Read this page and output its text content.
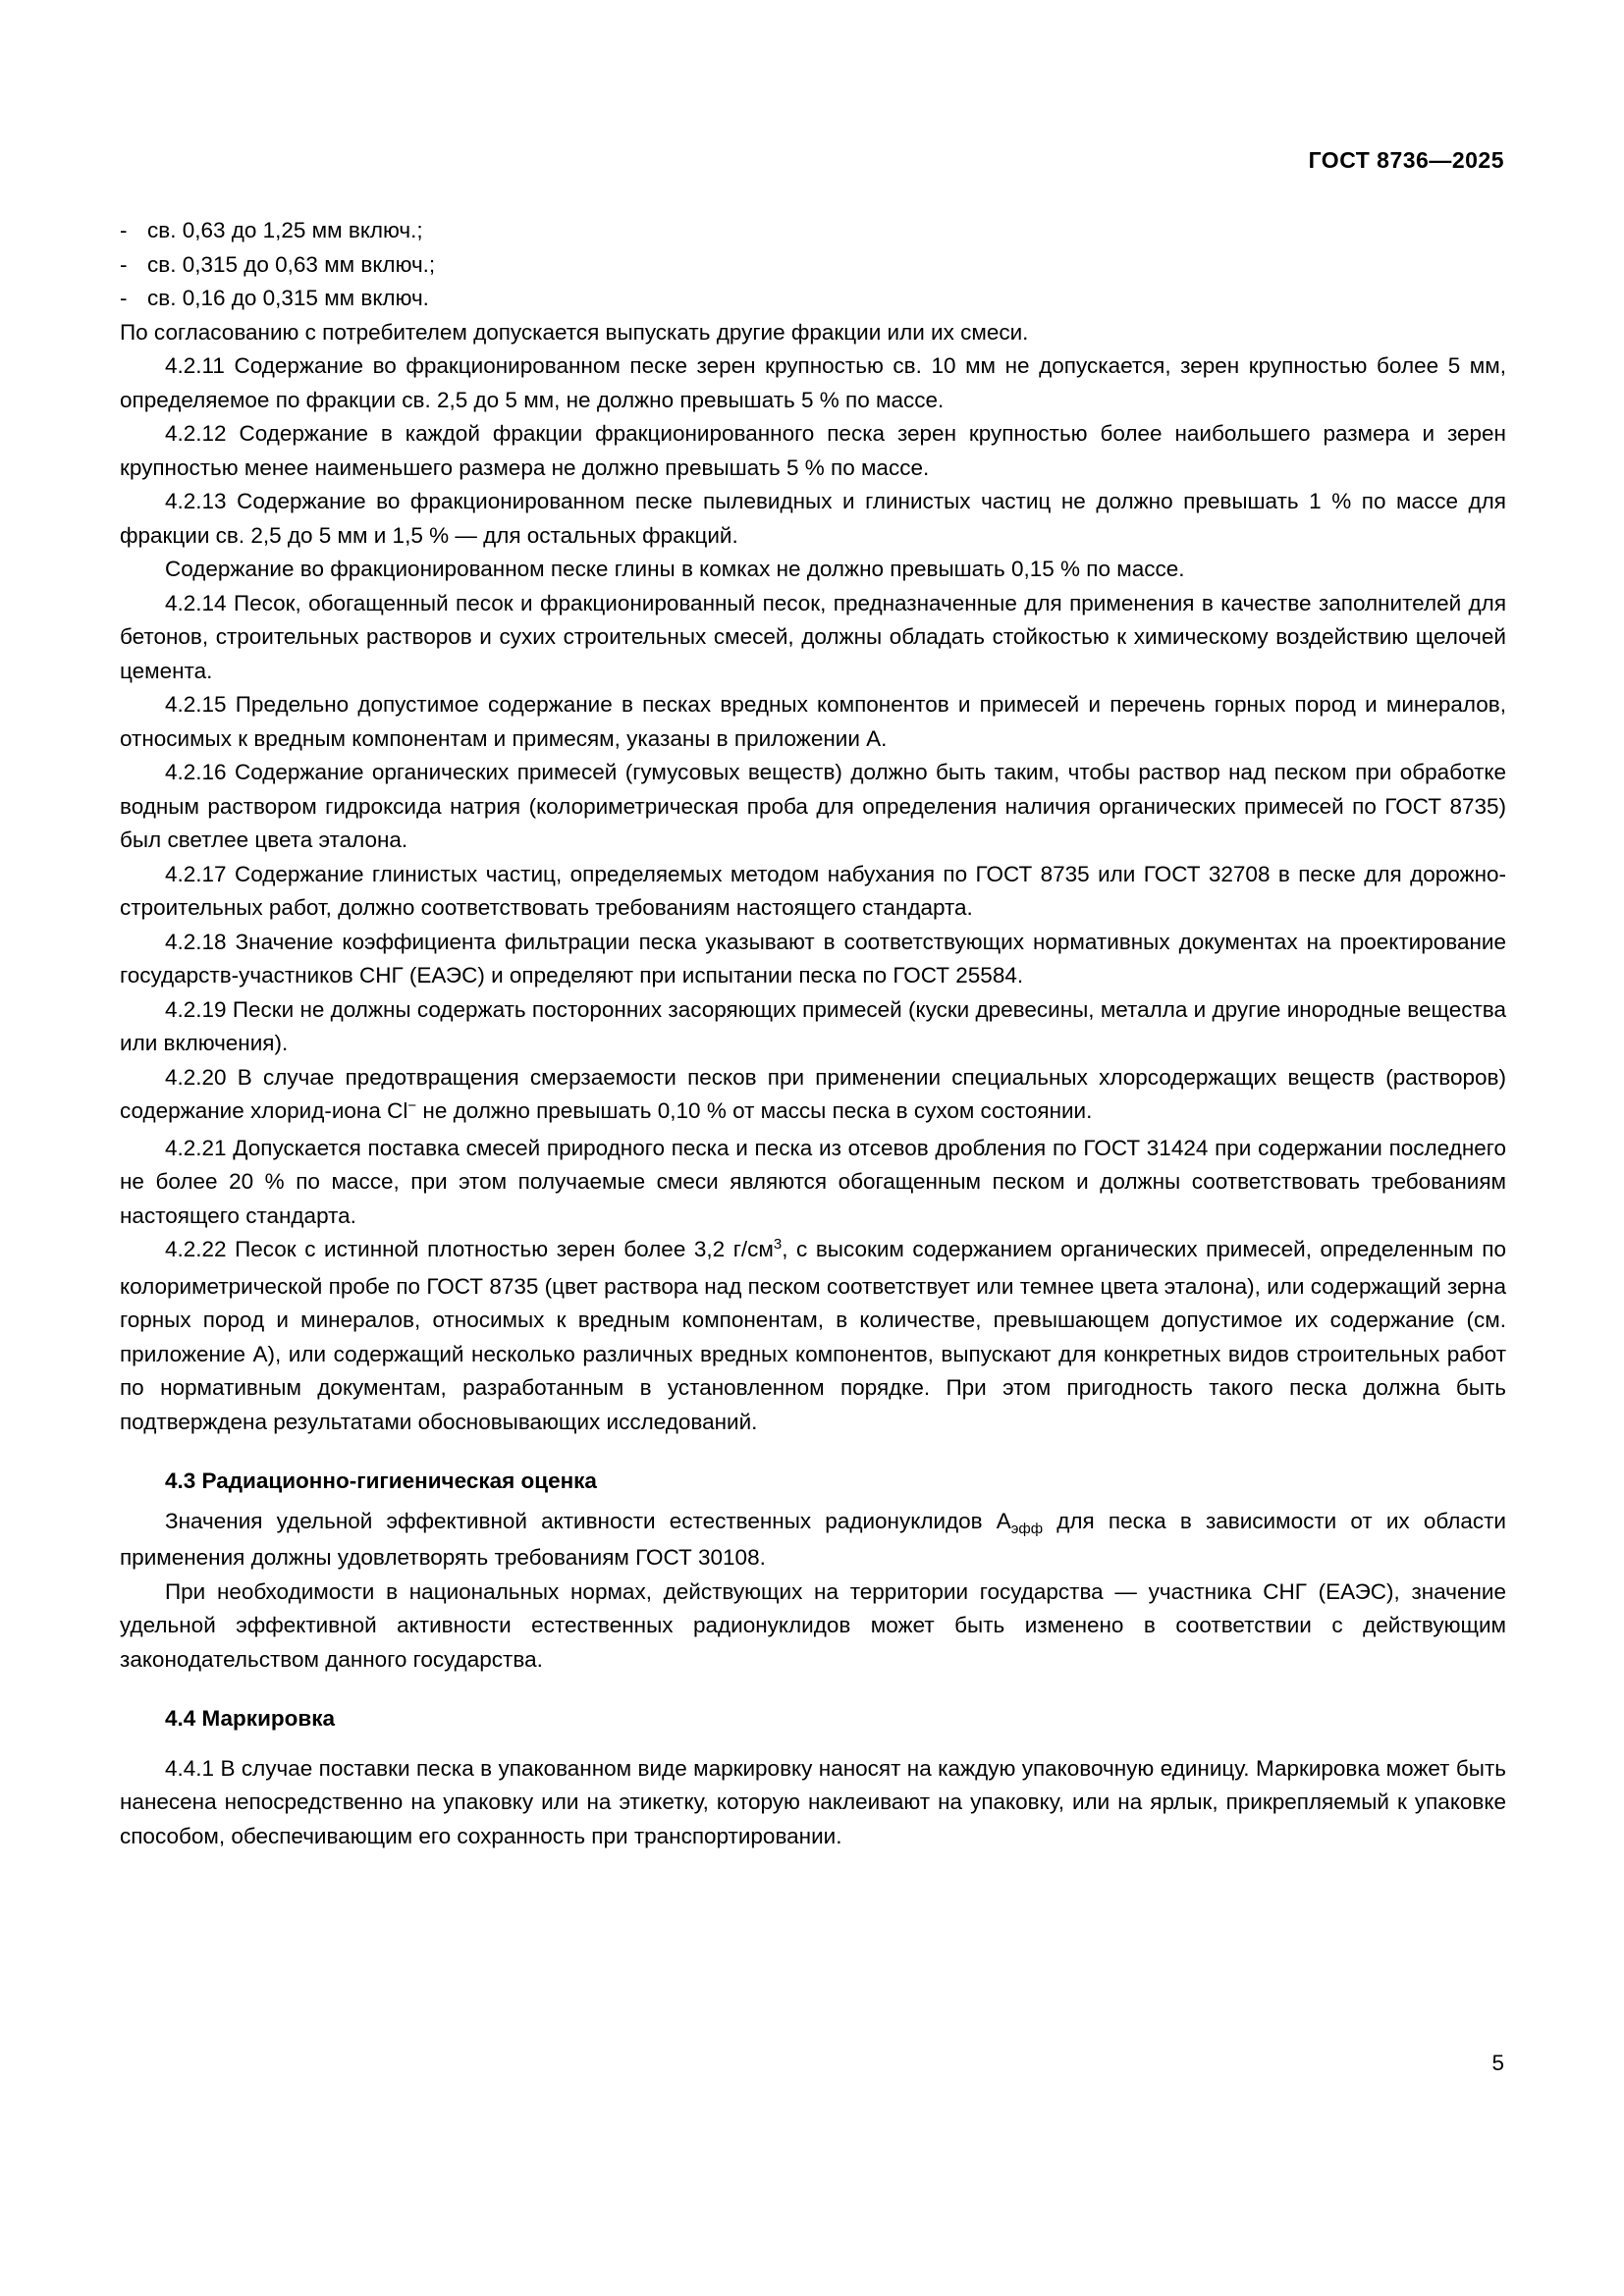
ГОСТ 8736—2025
- св. 0,63 до 1,25 мм включ.;
- св. 0,315 до 0,63 мм включ.;
- св. 0,16 до 0,315 мм включ.

По согласованию с потребителем допускается выпускать другие фракции или их смеси.

4.2.11 Содержание во фракционированном песке зерен крупностью св. 10 мм не допускается, зерен крупностью более 5 мм, определяемое по фракции св. 2,5 до 5 мм, не должно превышать 5 % по массе.

4.2.12 Содержание в каждой фракции фракционированного песка зерен крупностью более наибольшего размера и зерен крупностью менее наименьшего размера не должно превышать 5 % по массе.

4.2.13 Содержание во фракционированном песке пылевидных и глинистых частиц не должно превышать 1 % по массе для фракции св. 2,5 до 5 мм и 1,5 % — для остальных фракций.

Содержание во фракционированном песке глины в комках не должно превышать 0,15 % по массе.

4.2.14 Песок, обогащенный песок и фракционированный песок, предназначенные для применения в качестве заполнителей для бетонов, строительных растворов и сухих строительных смесей, должны обладать стойкостью к химическому воздействию щелочей цемента.

4.2.15 Предельно допустимое содержание в песках вредных компонентов и примесей и перечень горных пород и минералов, относимых к вредным компонентам и примесям, указаны в приложении А.

4.2.16 Содержание органических примесей (гумусовых веществ) должно быть таким, чтобы раствор над песком при обработке водным раствором гидроксида натрия (колориметрическая проба для определения наличия органических примесей по ГОСТ 8735) был светлее цвета эталона.

4.2.17 Содержание глинистых частиц, определяемых методом набухания по ГОСТ 8735 или ГОСТ 32708 в песке для дорожно-строительных работ, должно соответствовать требованиям настоящего стандарта.

4.2.18 Значение коэффициента фильтрации песка указывают в соответствующих нормативных документах на проектирование государств-участников СНГ (ЕАЭС) и определяют при испытании песка по ГОСТ 25584.

4.2.19 Пески не должны содержать посторонних засоряющих примесей (куски древесины, металла и другие инородные вещества или включения).

4.2.20 В случае предотвращения смерзаемости песков при применении специальных хлорсодержащих веществ (растворов) содержание хлорид-иона Cl− не должно превышать 0,10 % от массы песка в сухом состоянии.

4.2.21 Допускается поставка смесей природного песка и песка из отсевов дробления по ГОСТ 31424 при содержании последнего не более 20 % по массе, при этом получаемые смеси являются обогащенным песком и должны соответствовать требованиям настоящего стандарта.

4.2.22 Песок с истинной плотностью зерен более 3,2 $г/см^3$, с высоким содержанием органических примесей, определенным по колориметрической пробе по ГОСТ 8735 (цвет раствора над песком соответствует или темнее цвета эталона), или содержащий зерна горных пород и минералов, относимых к вредным компонентам, в количестве, превышающем допустимое их содержание (см. приложение А), или содержащий несколько различных вредных компонентов, выпускают для конкретных видов строительных работ по нормативным документам, разработанным в установленном порядке. При этом пригодность такого песка должна быть подтверждена результатами обосновывающих исследований.

4.3 Радиационно-гигиеническая оценка

Значения удельной эффективной активности естественных радионуклидов $А_{эфф}$ для песка в зависимости от их области применения должны удовлетворять требованиям ГОСТ 30108.

При необходимости в национальных нормах, действующих на территории государства — участника СНГ (ЕАЭС), значение удельной эффективной активности естественных радионуклидов может быть изменено в соответствии с действующим законодательством данного государства.

4.4 Маркировка

4.4.1 В случае поставки песка в упакованном виде маркировку наносят на каждую упаковочную единицу. Маркировка может быть нанесена непосредственно на упаковку или на этикетку, которую наклеивают на упаковку, или на ярлык, прикрепляемый к упаковке способом, обеспечивающим его сохранность при транспортировании.

5
